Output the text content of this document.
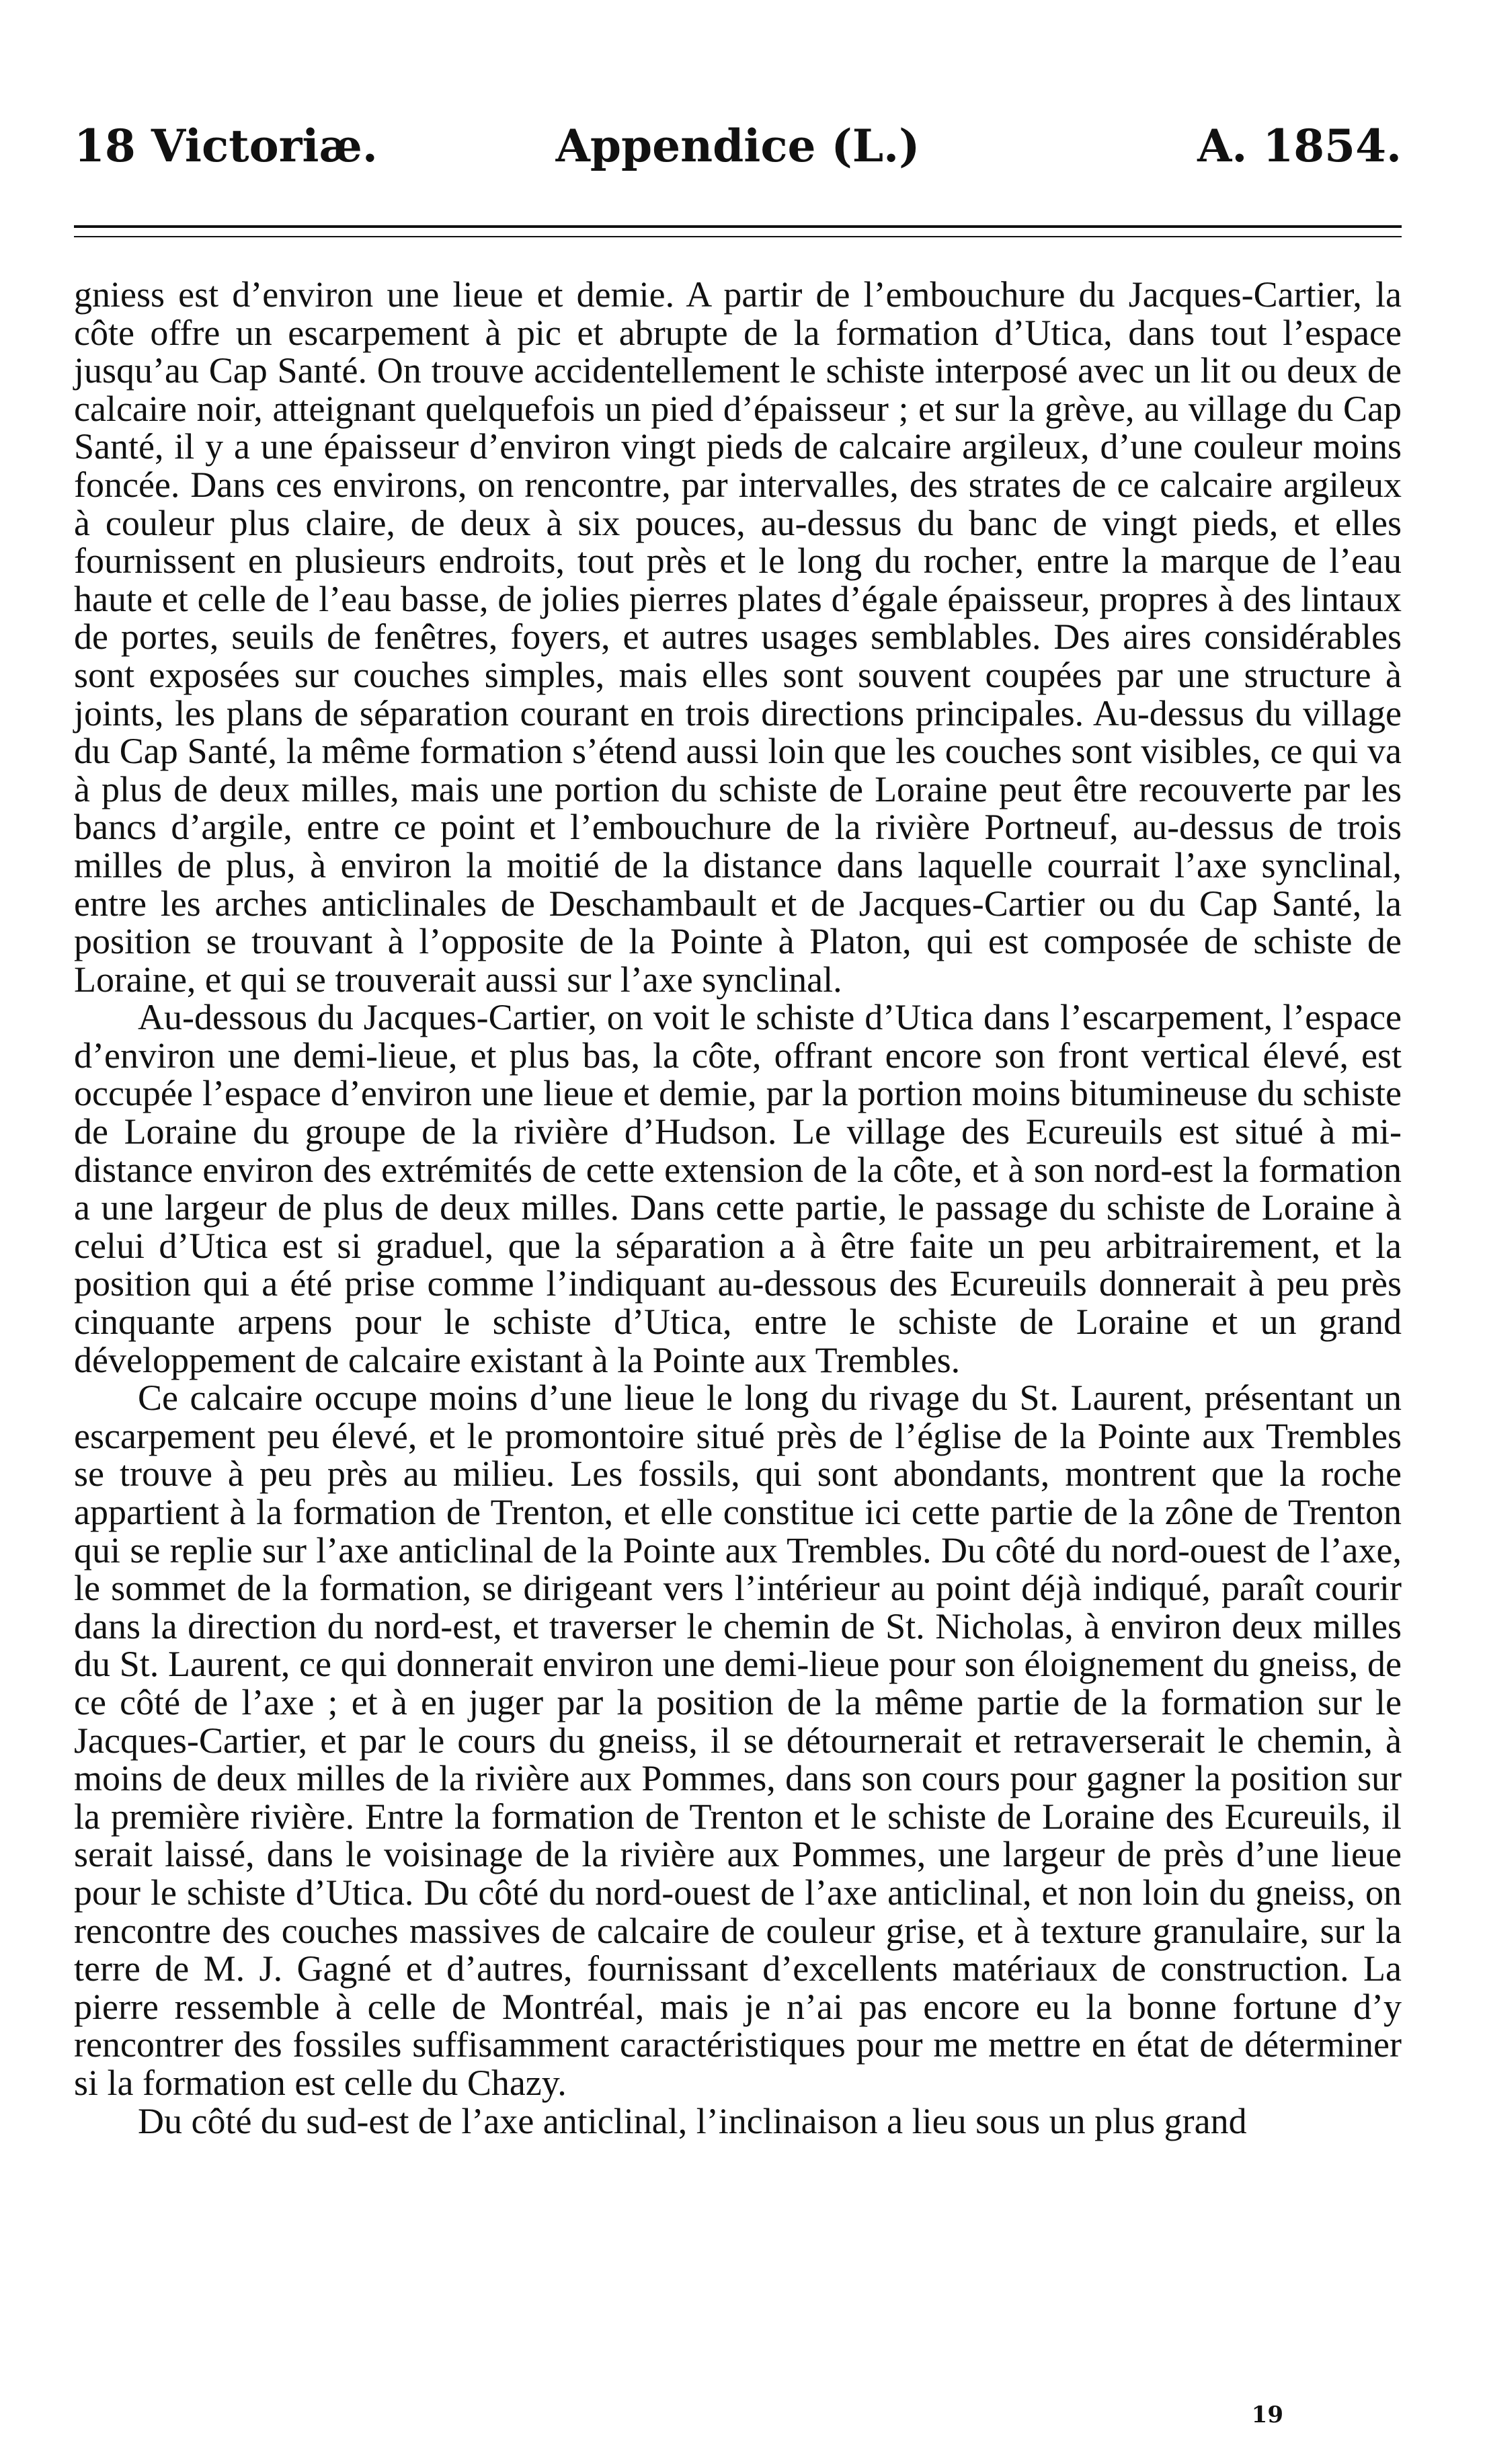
18 Victoriæ.	Appendice (L.)	A. 1854.

gniess est d’environ une lieue et demie. A partir de l’embouchure du Jacques-Cartier, la côte offre un escarpement à pic et abrupte de la formation d’Utica, dans tout l’espace jusqu’au Cap Santé. On trouve accidentellement le schiste interposé avec un lit ou deux de calcaire noir, atteignant quelquefois un pied d’épaisseur ; et sur la grève, au village du Cap Santé, il y a une épaisseur d’environ vingt pieds de calcaire argileux, d’une couleur moins foncée. Dans ces environs, on rencontre, par intervalles, des strates de ce calcaire argileux à couleur plus claire, de deux à six pouces, au-dessus du banc de vingt pieds, et elles fournissent en plusieurs endroits, tout près et le long du rocher, entre la marque de l’eau haute et celle de l’eau basse, de jolies pierres plates d’égale épaisseur, propres à des lintaux de portes, seuils de fenêtres, foyers, et autres usages semblables. Des aires considérables sont exposées sur couches simples, mais elles sont souvent coupées par une structure à joints, les plans de séparation courant en trois directions principales. Au-dessus du village du Cap Santé, la même formation s’étend aussi loin que les couches sont visibles, ce qui va à plus de deux milles, mais une portion du schiste de Loraine peut être recouverte par les bancs d’argile, entre ce point et l’embouchure de la rivière Portneuf, au-dessus de trois milles de plus, à environ la moitié de la distance dans laquelle courrait l’axe synclinal, entre les arches anticlinales de Deschambault et de Jacques-Cartier ou du Cap Santé, la position se trouvant à l’opposite de la Pointe à Platon, qui est composée de schiste de Loraine, et qui se trouverait aussi sur l’axe synclinal.

Au-dessous du Jacques-Cartier, on voit le schiste d’Utica dans l’escarpement, l’espace d’environ une demi-lieue, et plus bas, la côte, offrant encore son front vertical élevé, est occupée l’espace d’environ une lieue et demie, par la portion moins bitumineuse du schiste de Loraine du groupe de la rivière d’Hudson. Le village des Ecureuils est situé à mi-distance environ des extrémités de cette extension de la côte, et à son nord-est la formation a une largeur de plus de deux milles. Dans cette partie, le passage du schiste de Loraine à celui d’Utica est si graduel, que la séparation a à être faite un peu arbitrairement, et la position qui a été prise comme l’indiquant au-dessous des Ecureuils donnerait à peu près cinquante arpens pour le schiste d’Utica, entre le schiste de Loraine et un grand développement de calcaire existant à la Pointe aux Trembles.

Ce calcaire occupe moins d’une lieue le long du rivage du St. Laurent, présentant un escarpement peu élevé, et le promontoire situé près de l’église de la Pointe aux Trembles se trouve à peu près au milieu. Les fossils, qui sont abondants, montrent que la roche appartient à la formation de Trenton, et elle constitue ici cette partie de la zône de Trenton qui se replie sur l’axe anticlinal de la Pointe aux Trembles. Du côté du nord-ouest de l’axe, le sommet de la formation, se dirigeant vers l’intérieur au point déjà indiqué, paraît courir dans la direction du nord-est, et traverser le chemin de St. Nicholas, à environ deux milles du St. Laurent, ce qui donnerait environ une demi-lieue pour son éloignement du gneiss, de ce côté de l’axe ; et à en juger par la position de la même partie de la formation sur le Jacques-Cartier, et par le cours du gneiss, il se détournerait et retraverserait le chemin, à moins de deux milles de la rivière aux Pommes, dans son cours pour gagner la position sur la première rivière. Entre la formation de Trenton et le schiste de Loraine des Ecureuils, il serait laissé, dans le voisinage de la rivière aux Pommes, une largeur de près d’une lieue pour le schiste d’Utica. Du côté du nord-ouest de l’axe anticlinal, et non loin du gneiss, on rencontre des couches massives de calcaire de couleur grise, et à texture granulaire, sur la terre de M. J. Gagné et d’autres, fournissant d’excellents matériaux de construction. La pierre ressemble à celle de Montréal, mais je n’ai pas encore eu la bonne fortune d’y rencontrer des fossiles suffisamment caractéristiques pour me mettre en état de déterminer si la formation est celle du Chazy.

Du côté du sud-est de l’axe anticlinal, l’inclinaison a lieu sous un plus grand

19
